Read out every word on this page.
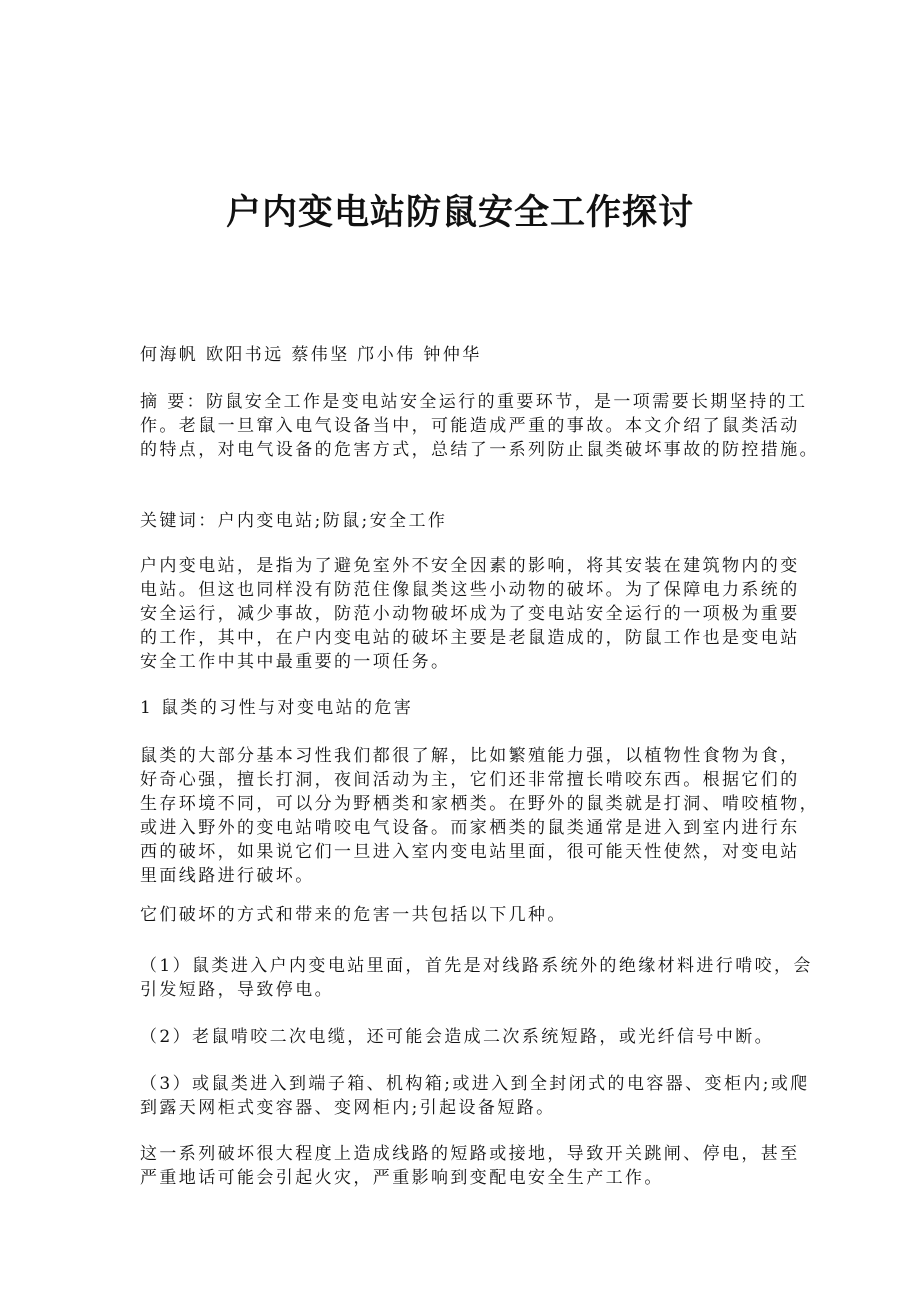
户内变电站防鼠安全工作探讨
何海帆 欧阳书远 蔡伟坚 邝小伟 钟仲华
摘 要：防鼠安全工作是变电站安全运行的重要环节，是一项需要长期坚持的工
作。老鼠一旦窜入电气设备当中，可能造成严重的事故。本文介绍了鼠类活动
的特点，对电气设备的危害方式，总结了一系列防止鼠类破坏事故的防控措施。
关键词：户内变电站;防鼠;安全工作
户内变电站，是指为了避免室外不安全因素的影响，将其安装在建筑物内的变
电站。但这也同样没有防范住像鼠类这些小动物的破坏。为了保障电力系统的
安全运行，减少事故，防范小动物破坏成为了变电站安全运行的一项极为重要
的工作，其中，在户内变电站的破坏主要是老鼠造成的，防鼠工作也是变电站
安全工作中其中最重要的一项任务。
1 鼠类的习性与对变电站的危害
鼠类的大部分基本习性我们都很了解，比如繁殖能力强，以植物性食物为食，
好奇心强，擅长打洞，夜间活动为主，它们还非常擅长啃咬东西。根据它们的
生存环境不同，可以分为野栖类和家栖类。在野外的鼠类就是打洞、啃咬植物，
或进入野外的变电站啃咬电气设备。而家栖类的鼠类通常是进入到室内进行东
西的破坏，如果说它们一旦进入室内变电站里面，很可能天性使然，对变电站
里面线路进行破坏。
它们破坏的方式和带来的危害一共包括以下几种。
（1）鼠类进入户内变电站里面，首先是对线路系统外的绝缘材料进行啃咬，会
引发短路，导致停电。
（2）老鼠啃咬二次电缆，还可能会造成二次系统短路，或光纤信号中断。
（3）或鼠类进入到端子箱、机构箱;或进入到全封闭式的电容器、变柜内;或爬
到露天网柜式变容器、变网柜内;引起设备短路。
这一系列破坏很大程度上造成线路的短路或接地，导致开关跳闸、停电，甚至
严重地话可能会引起火灾，严重影响到变配电安全生产工作。
